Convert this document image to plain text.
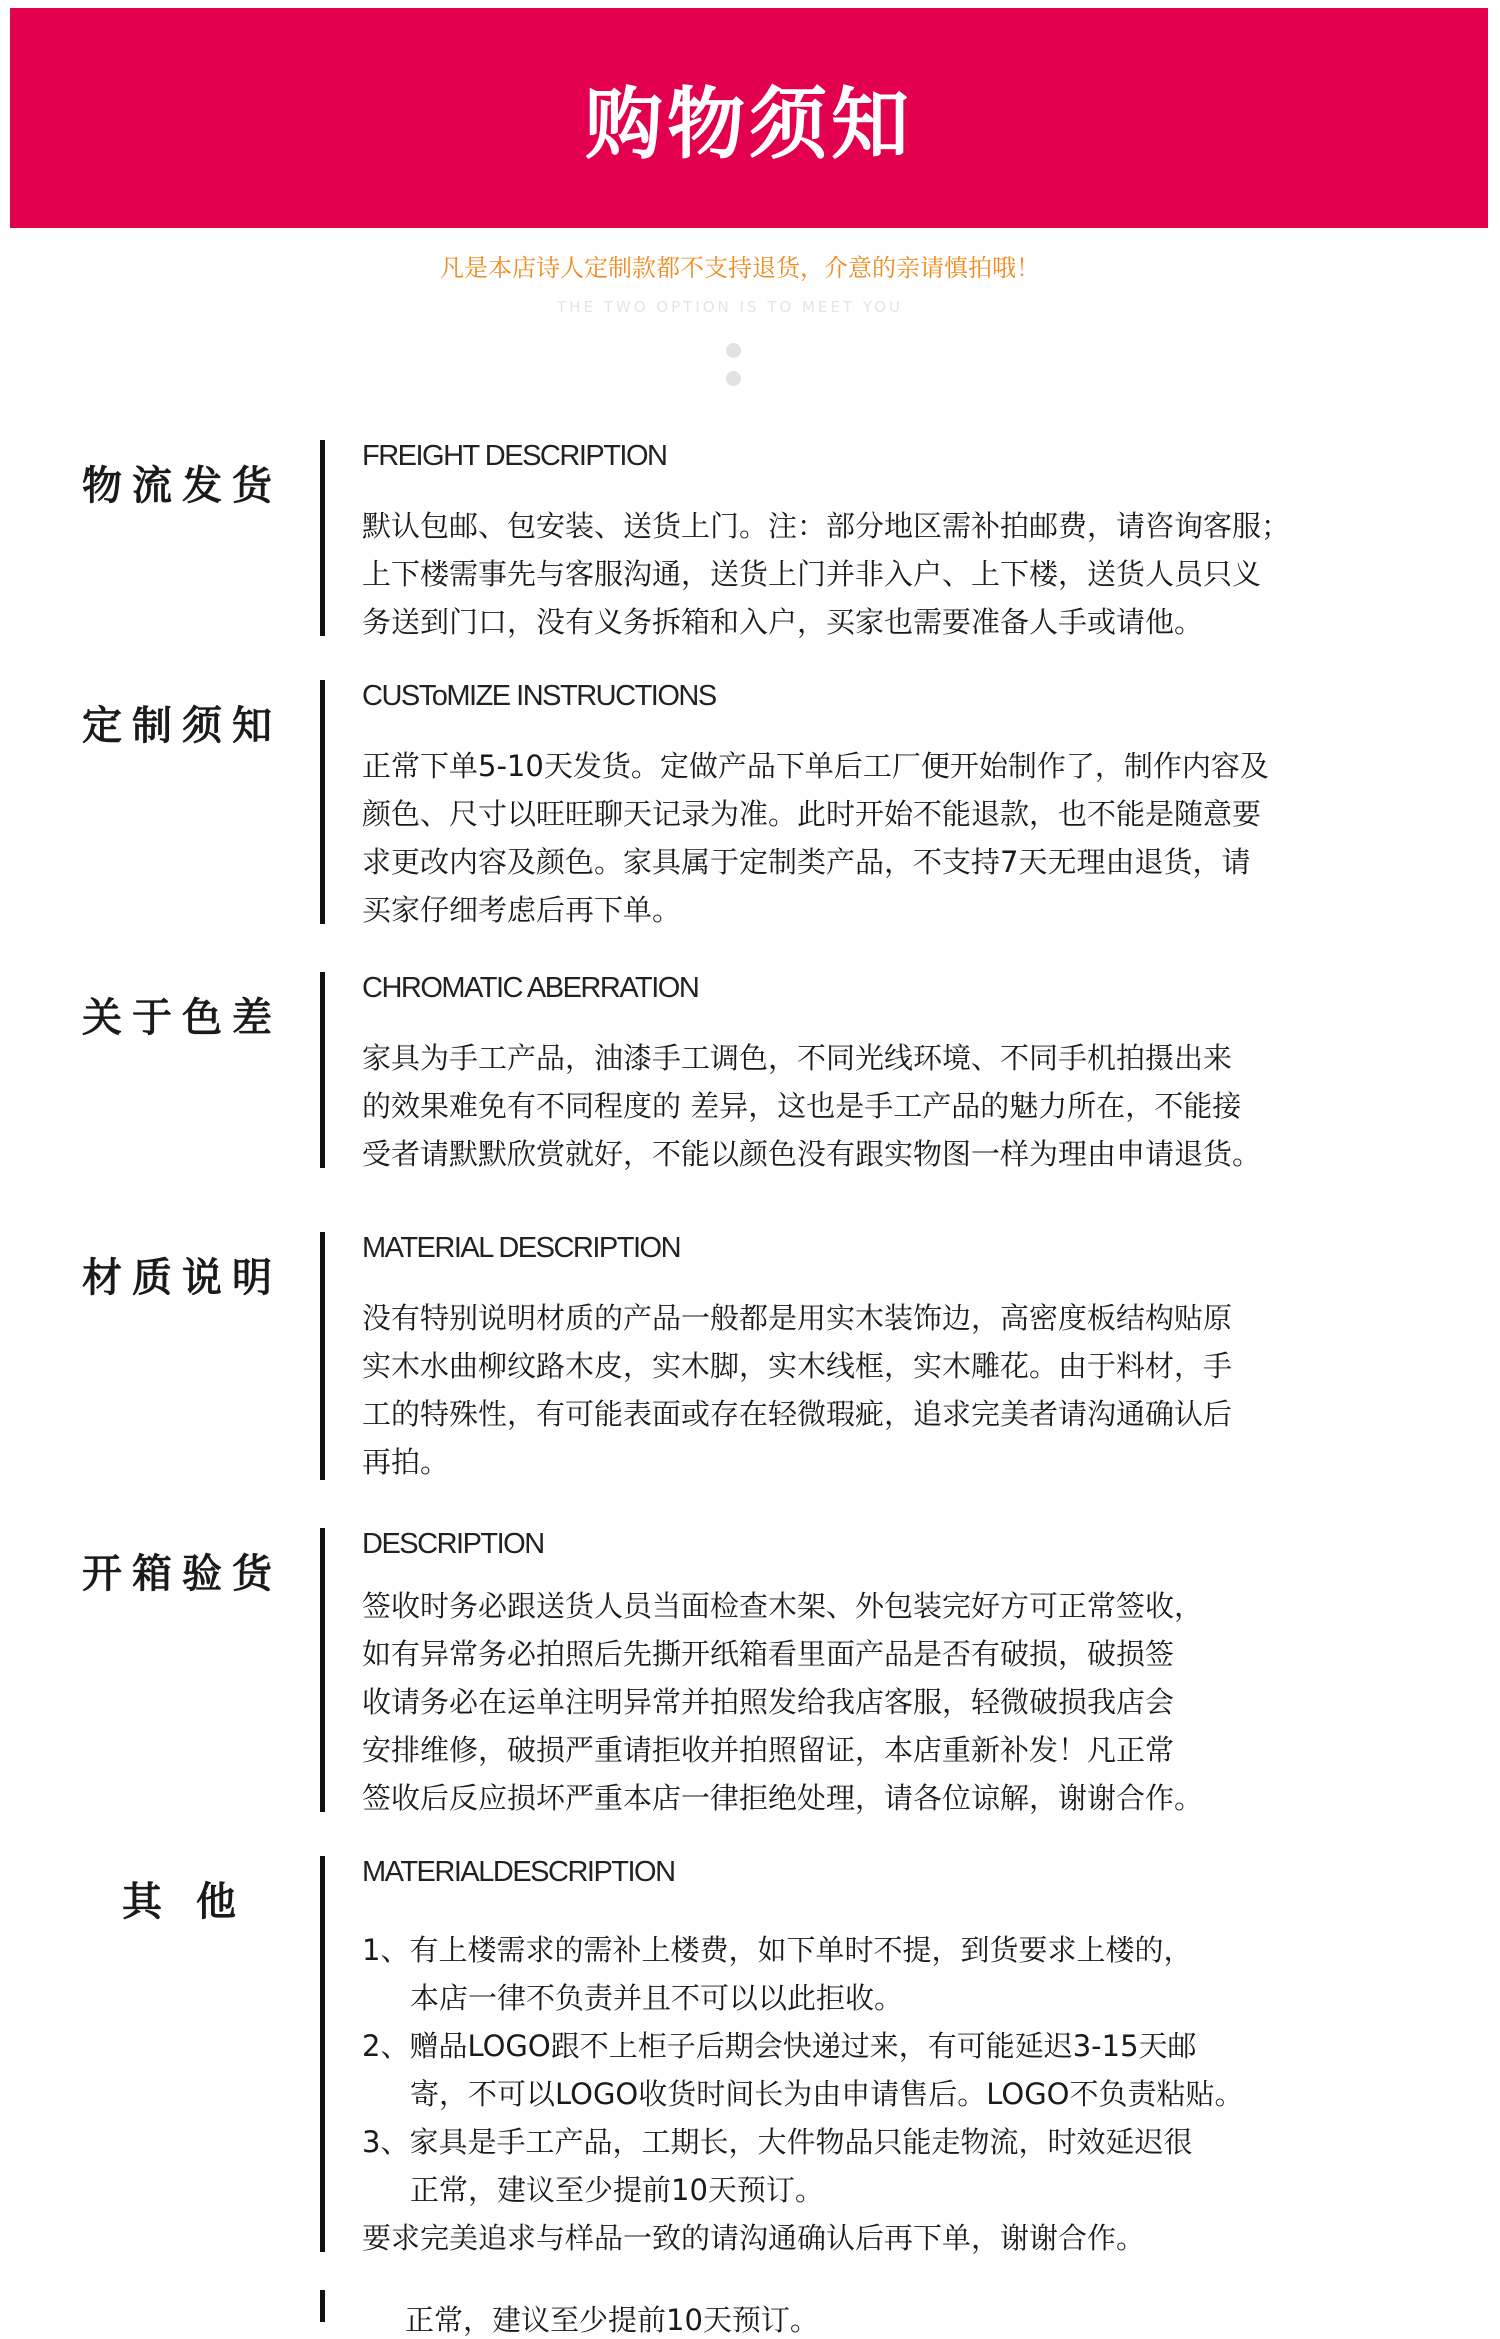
购物须知
凡是本店诗人定制款都不支持退货，介意的亲请慎拍哦！
THE TWO OPTION IS TO MEET YOU
物流发货
FREIGHT DESCRIPTION

默认包邮、包安装、送货上门。注：部分地区需补拍邮费，请咨询客服；

上下楼需事先与客服沟通，送货上门并非入户、上下楼，送货人员只义

务送到门口，没有义务拆箱和入户，买家也需要准备人手或请他。

定制须知
CUSToMIZE INSTRUCTIONS

正常下单5-10天发货。定做产品下单后工厂便开始制作了，制作内容及

颜色、尺寸以旺旺聊天记录为准。此时开始不能退款，也不能是随意要

求更改内容及颜色。家具属于定制类产品，不支持7天无理由退货，请

买家仔细考虑后再下单。

关于色差
CHROMATIC ABERRATION

家具为手工产品，油漆手工调色，不同光线环境、不同手机拍摄出来

的效果难免有不同程度的 差异，这也是手工产品的魅力所在，不能接

受者请默默欣赏就好，不能以颜色没有跟实物图一样为理由申请退货。

材质说明
MATERIAL DESCRIPTION

没有特别说明材质的产品一般都是用实木装饰边，高密度板结构贴原

实木水曲柳纹路木皮，实木脚，实木线框，实木雕花。由于料材，手

工的特殊性，有可能表面或存在轻微瑕疵，追求完美者请沟通确认后

再拍。

开箱验货
DESCRIPTION

签收时务必跟送货人员当面检查木架、外包装完好方可正常签收，

如有异常务必拍照后先撕开纸箱看里面产品是否有破损，破损签

收请务必在运单注明异常并拍照发给我店客服，轻微破损我店会

安排维修，破损严重请拒收并拍照留证，本店重新补发！凡正常

签收后反应损坏严重本店一律拒绝处理，请各位谅解，谢谢合作。

其 他
MATERIALDESCRIPTION

1、有上楼需求的需补上楼费，如下单时不提，到货要求上楼的，

本店一律不负责并且不可以以此拒收。

2、赠品LOGO跟不上柜子后期会快递过来，有可能延迟3-15天邮

寄，不可以LOGO收货时间长为由申请售后。LOGO不负责粘贴。

3、家具是手工产品，工期长，大件物品只能走物流，时效延迟很

正常，建议至少提前10天预订。

要求完美追求与样品一致的请沟通确认后再下单，谢谢合作。

正常，建议至少提前10天预订。
